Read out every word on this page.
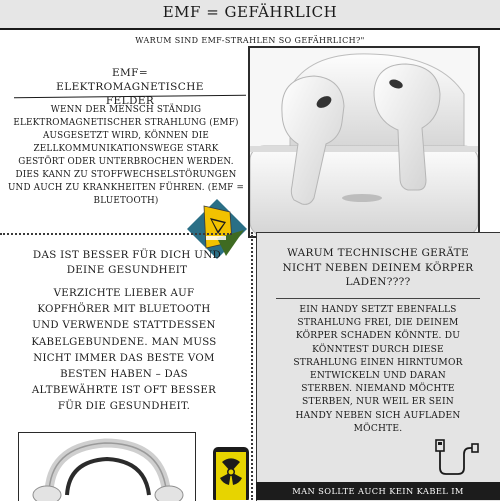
EMF = GEFÄHRLICH
WARUM SIND EMF-STRAHLEN SO GEFÄHRLICH?"
EMF=
ELEKTROMAGNETISCHE FELDER
WENN DER MENSCH STÄNDIG
ELEKTROMAGNETISCHER STRAHLUNG (EMF)
AUSGESETZT WIRD, KÖNNEN DIE
ZELLKOMMUNIKATIONSWEGE STARK
GESTÖRT ODER UNTERBROCHEN WERDEN.
DIES KANN ZU STOFFWECHSELSTÖRUNGEN
UND AUCH ZU KRANKHEITEN FÜHREN. (EMF =
BLUETOOTH)
DAS IST BESSER FÜR DICH UND
DEINE GESUNDHEIT
VERZICHTE LIEBER AUF
KOPFHÖRER MIT BLUETOOTH
UND VERWENDE STATTDESSEN
KABELGEBUNDENE. MAN MUSS
NICHT IMMER DAS BESTE VOM
BESTEN HABEN – DAS
ALTBEWÄHRTE IST OFT BESSER
FÜR DIE GESUNDHEIT.
WARUM TECHNISCHE GERÄTE
NICHT NEBEN DEINEM KÖRPER
LADEN????
EIN HANDY SETZT EBENFALLS
STRAHLUNG FREI, DIE DEINEM
KÖRPER SCHADEN KÖNNTE. DU
KÖNNTEST DURCH DIESE
STRAHLUNG EINEN HIRNTUMOR
ENTWICKELN UND DARAN
STERBEN. NIEMAND MÖCHTE
STERBEN, NUR WEIL ER SEIN
HANDY NEBEN SICH AUFLADEN
MÖCHTE.
MAN SOLLTE AUCH KEIN KABEL IM
